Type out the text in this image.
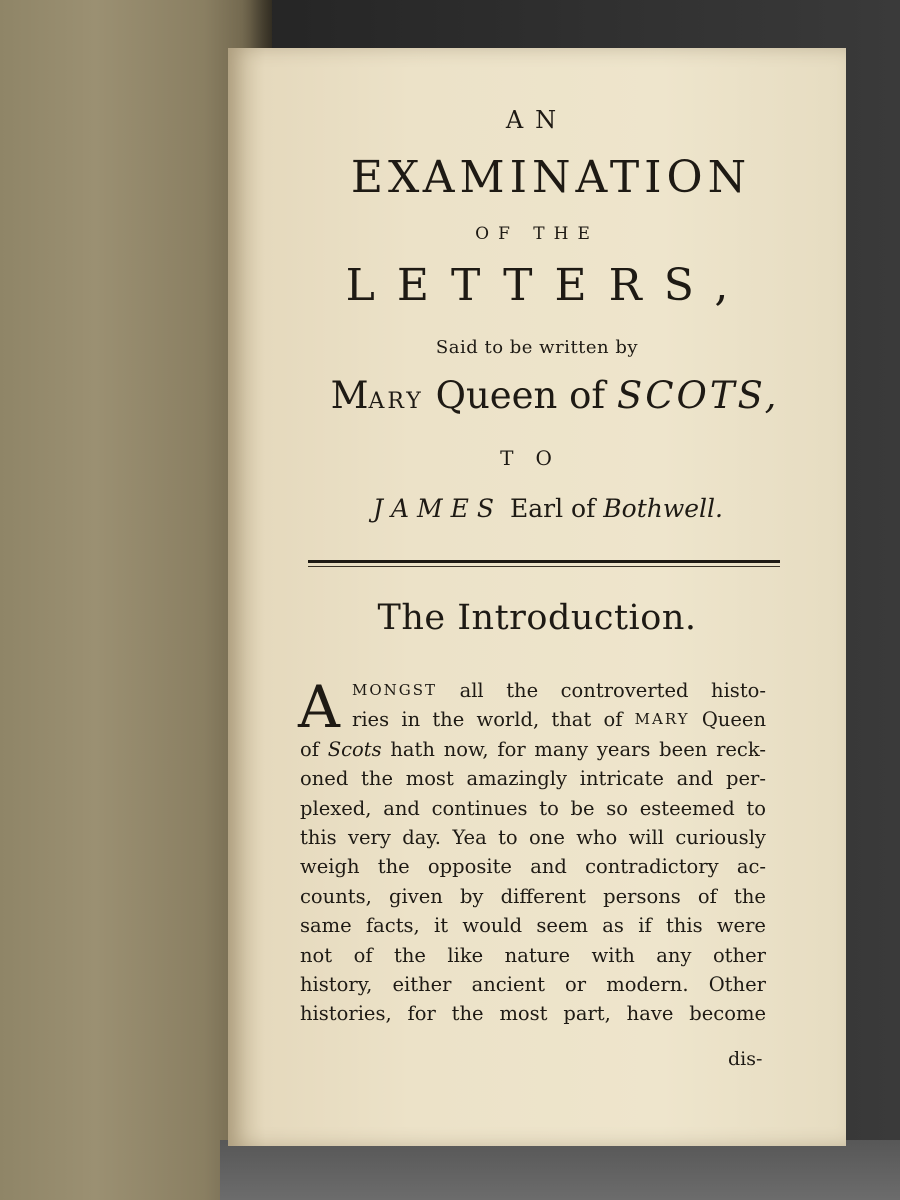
AN
EXAMINATION
OF THE
LETTERS,
Said to be written by
MARY Queen of SCOTS,
TO
JAMES Earl of Bothwell.
The Introduction.
A MONGST all the controverted histo-
ries in the world, that of MARY Queen
of Scots hath now, for many years been reck-
oned the most amazingly intricate and per-
plexed, and continues to be so esteemed to
this very day. Yea to one who will curiously
weigh the opposite and contradictory ac-
counts, given by different persons of the
same facts, it would seem as if this were
not of the like nature with any other
history, either ancient or modern. Other
histories, for the most part, have become
dis-
